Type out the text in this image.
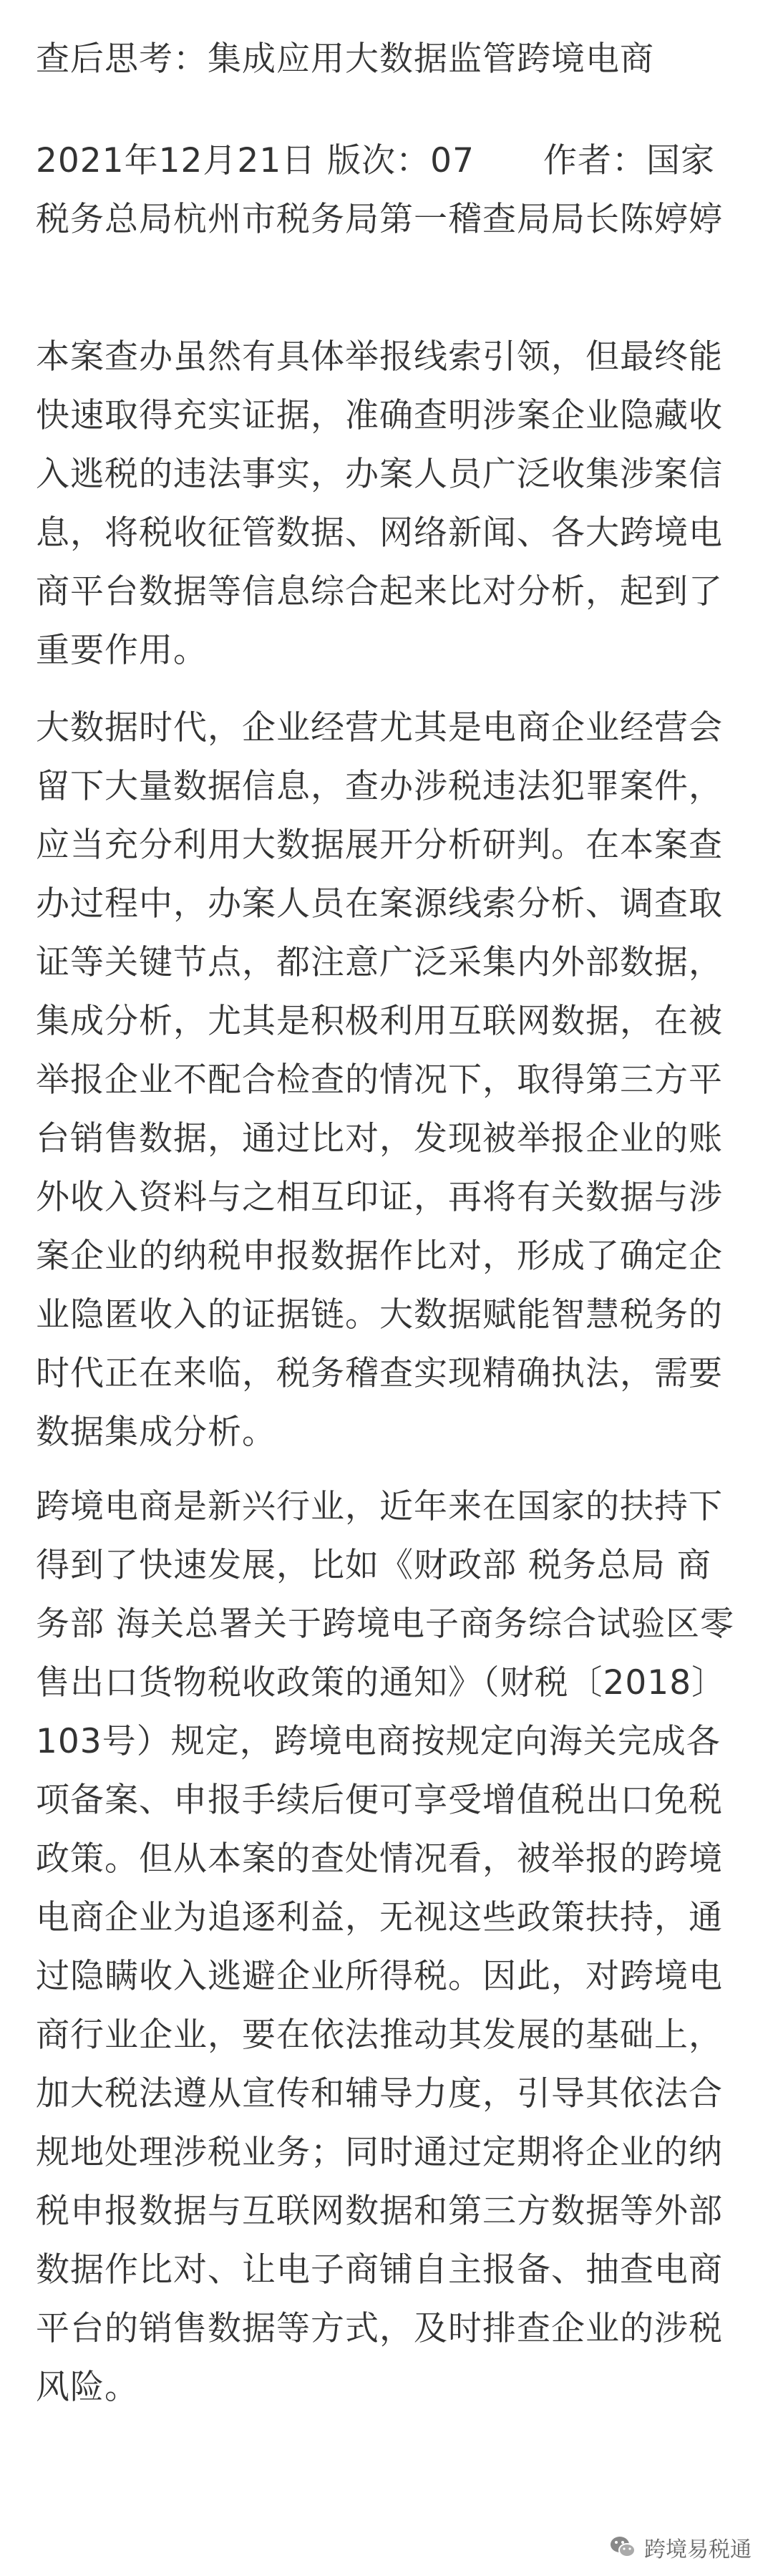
查后思考：集成应用大数据监管跨境电商

2021年12月21日 版次：07　　作者：国家税务总局杭州市税务局第一稽查局局长陈婷婷

本案查办虽然有具体举报线索引领，但最终能快速取得充实证据，准确查明涉案企业隐藏收入逃税的违法事实，办案人员广泛收集涉案信息，将税收征管数据、网络新闻、各大跨境电商平台数据等信息综合起来比对分析，起到了重要作用。

大数据时代，企业经营尤其是电商企业经营会留下大量数据信息，查办涉税违法犯罪案件，应当充分利用大数据展开分析研判。在本案查办过程中，办案人员在案源线索分析、调查取证等关键节点，都注意广泛采集内外部数据，集成分析，尤其是积极利用互联网数据，在被举报企业不配合检查的情况下，取得第三方平台销售数据，通过比对，发现被举报企业的账外收入资料与之相互印证，再将有关数据与涉案企业的纳税申报数据作比对，形成了确定企业隐匿收入的证据链。大数据赋能智慧税务的时代正在来临，税务稽查实现精确执法，需要数据集成分析。

跨境电商是新兴行业，近年来在国家的扶持下得到了快速发展，比如《财政部 税务总局 商务部 海关总署关于跨境电子商务综合试验区零售出口货物税收政策的通知》（财税〔2018〕103号）规定，跨境电商按规定向海关完成各项备案、申报手续后便可享受增值税出口免税政策。但从本案的查处情况看，被举报的跨境电商企业为追逐利益，无视这些政策扶持，通过隐瞒收入逃避企业所得税。因此，对跨境电商行业企业，要在依法推动其发展的基础上，加大税法遵从宣传和辅导力度，引导其依法合规地处理涉税业务；同时通过定期将企业的纳税申报数据与互联网数据和第三方数据等外部数据作比对、让电子商铺自主报备、抽查电商平台的销售数据等方式，及时排查企业的涉税风险。

跨境易税通
